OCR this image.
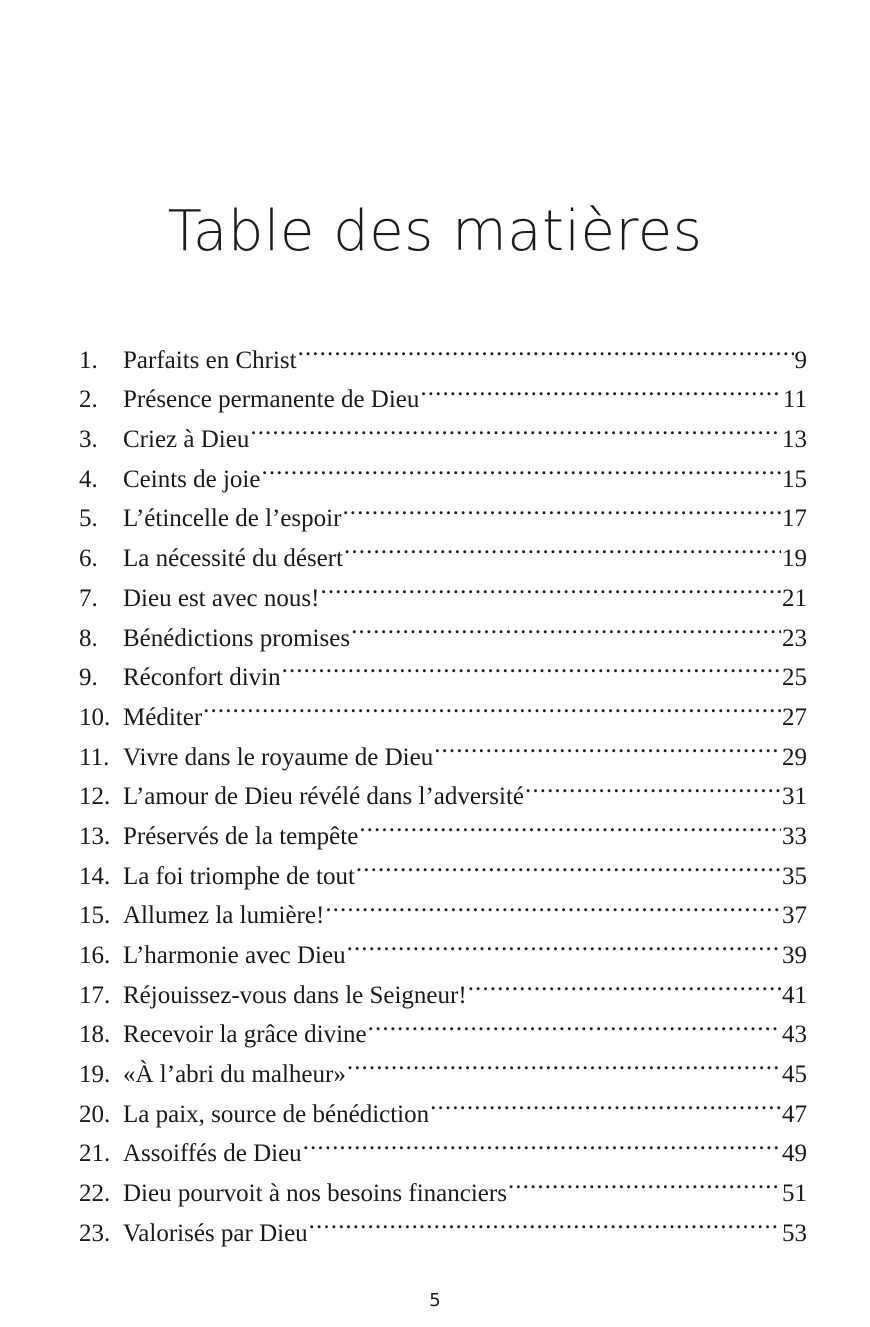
Table des matières
1.	Parfaits en Christ .....	9
2.	Présence permanente de Dieu .....	11
3.	Criez à Dieu .....	13
4.	Ceints de joie .....	15
5.	L’étincelle de l’espoir .....	17
6.	La nécessité du désert .....	19
7.	Dieu est avec nous! .....	21
8.	Bénédictions promises .....	23
9.	Réconfort divin .....	25
10. Méditer .....	27
11. Vivre dans le royaume de Dieu .....	29
12. L’amour de Dieu révélé dans l’adversité .....	31
13. Préservés de la tempête .....	33
14. La foi triomphe de tout .....	35
15. Allumez la lumière! .....	37
16. L’harmonie avec Dieu .....	39
17. Réjouissez-vous dans le Seigneur! .....	41
18. Recevoir la grâce divine .....	43
19. «À l’abri du malheur» .....	45
20. La paix, source de bénédiction .....	47
21. Assoiffés de Dieu .....	49
22. Dieu pourvoit à nos besoins financiers .....	51
23. Valorisés par Dieu .....	53
5
